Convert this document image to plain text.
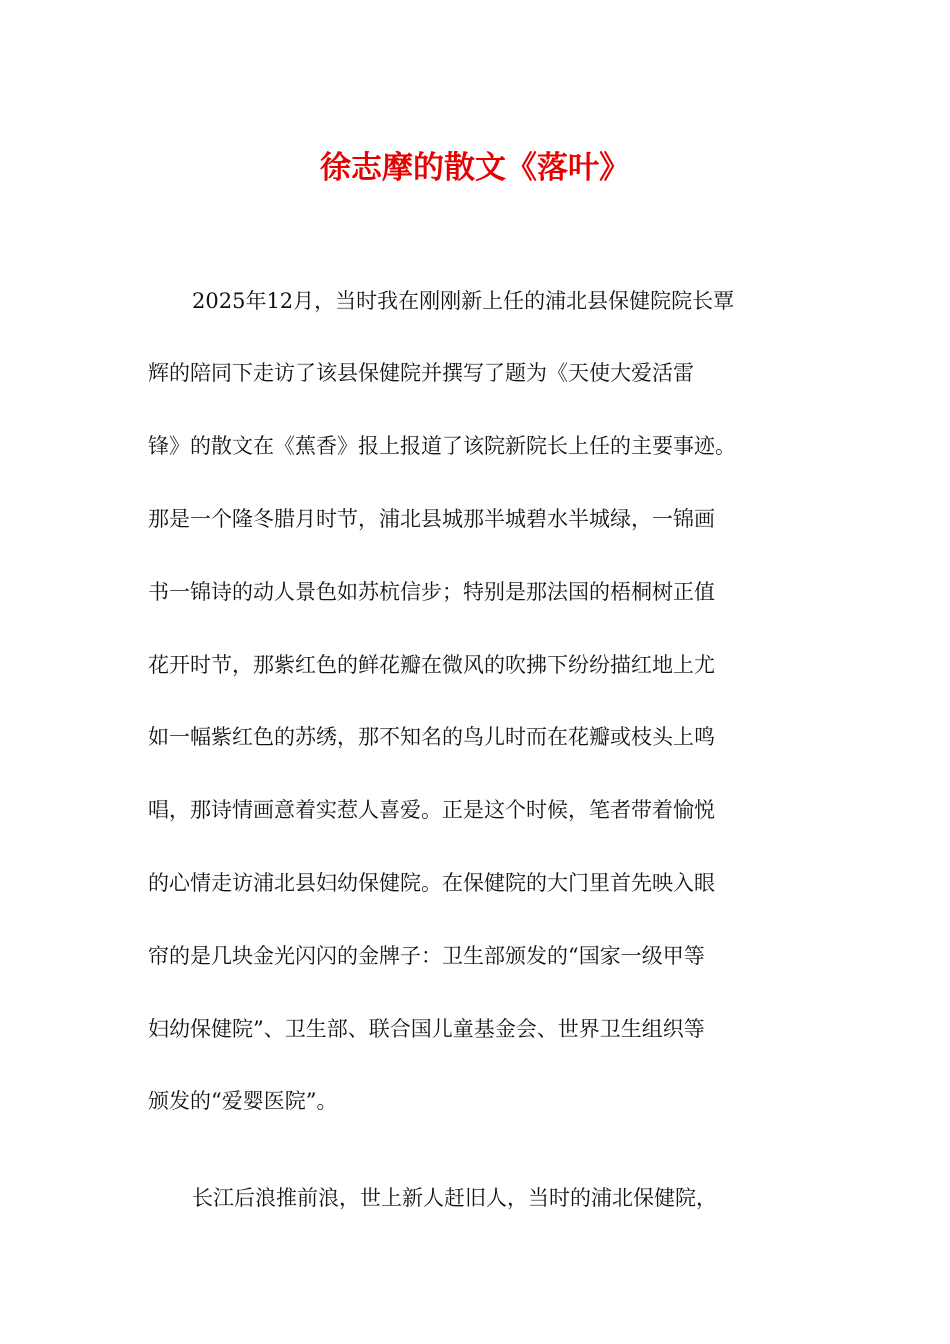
徐志摩的散文《落叶》
2025年12月，当时我在刚刚新上任的浦北县保健院院长覃
辉的陪同下走访了该县保健院并撰写了题为《天使大爱活雷
锋》的散文在《蕉香》报上报道了该院新院长上任的主要事迹。
那是一个隆冬腊月时节，浦北县城那半城碧水半城绿，一锦画
书一锦诗的动人景色如苏杭信步；特别是那法国的梧桐树正值
花开时节，那紫红色的鲜花瓣在微风的吹拂下纷纷描红地上尤
如一幅紫红色的苏绣，那不知名的鸟儿时而在花瓣或枝头上鸣
唱，那诗情画意着实惹人喜爱。正是这个时候，笔者带着愉悦
的心情走访浦北县妇幼保健院。在保健院的大门里首先映入眼
帘的是几块金光闪闪的金牌子：卫生部颁发的“国家一级甲等
妇幼保健院”、卫生部、联合国儿童基金会、世界卫生组织等
颁发的“爱婴医院”。
长江后浪推前浪，世上新人赶旧人，当时的浦北保健院，
